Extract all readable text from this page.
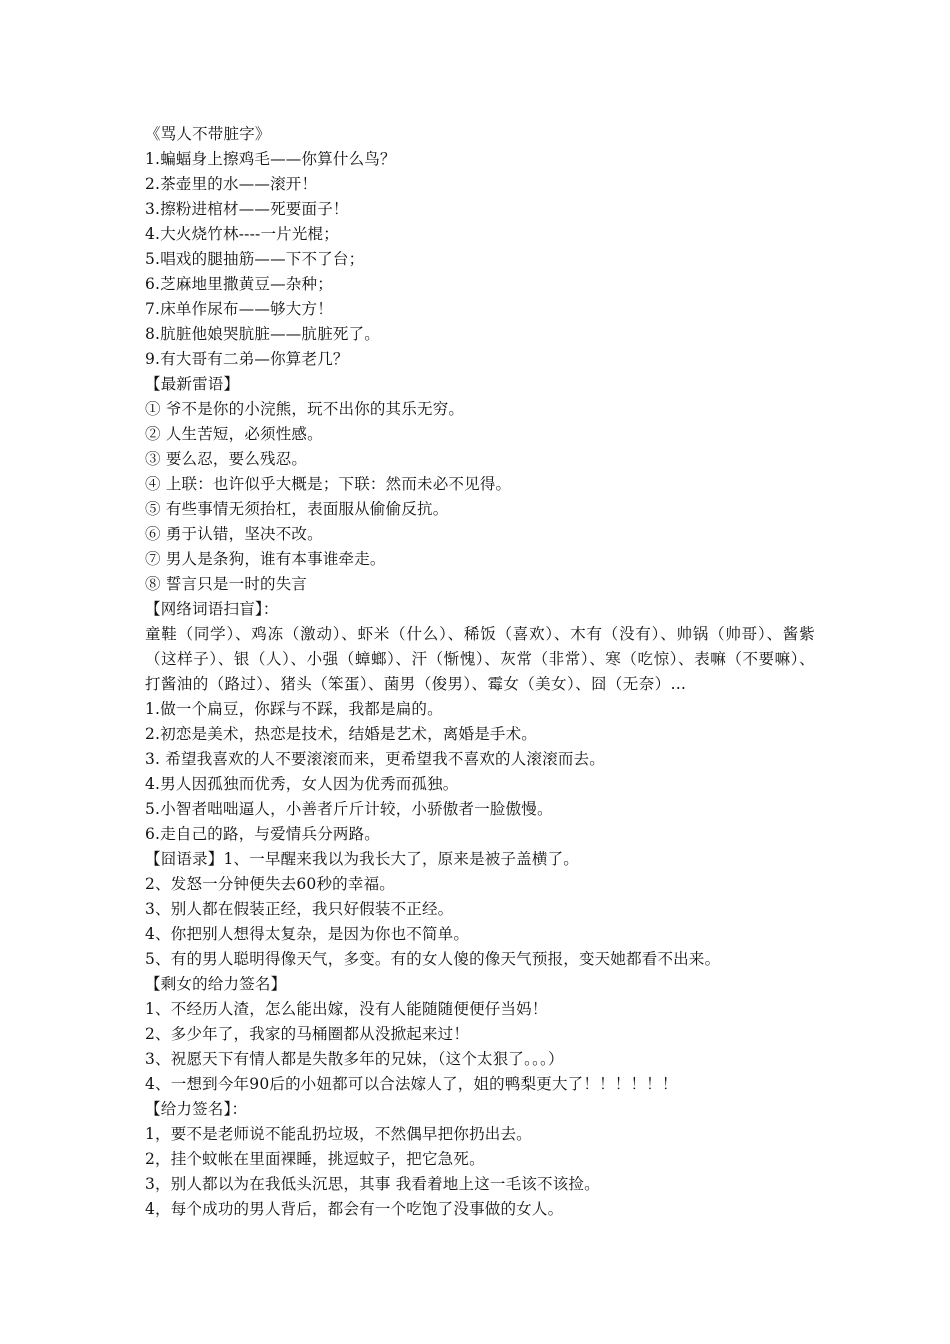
《骂人不带脏字》
1.蝙蝠身上擦鸡毛——你算什么鸟？
2.茶壶里的水——滚开！
3.擦粉进棺材——死要面子！
4.大火烧竹林----一片光棍；
5.唱戏的腿抽筋——下不了台；
6.芝麻地里撒黄豆—杂种；
7.床单作尿布——够大方！
8.肮脏他娘哭肮脏——肮脏死了。
9.有大哥有二弟—你算老几？
【最新雷语】
① 爷不是你的小浣熊，玩不出你的其乐无穷。
② 人生苦短，必须性感。
③ 要么忍，要么残忍。
④ 上联：也许似乎大概是；下联：然而未必不见得。
⑤ 有些事情无须抬杠，表面服从偷偷反抗。
⑥ 勇于认错，坚决不改。
⑦ 男人是条狗，谁有本事谁牵走。
⑧ 誓言只是一时的失言
【网络词语扫盲】：
童鞋（同学）、鸡冻（激动）、虾米（什么）、稀饭（喜欢）、木有（没有）、帅锅（帅哥）、酱紫（这样子）、银（人）、小强（蟑螂）、汗（惭愧）、灰常（非常）、寒（吃惊）、表嘛（不要嘛）、打酱油的（路过）、猪头（笨蛋）、菌男（俊男）、霉女（美女）、囧（无奈）…
1.做一个扁豆，你踩与不踩，我都是扁的。
2.初恋是美术，热恋是技术，结婚是艺术，离婚是手术。
3. 希望我喜欢的人不要滚滚而来，更希望我不喜欢的人滚滚而去。
4.男人因孤独而优秀，女人因为优秀而孤独。
5.小智者咄咄逼人，小善者斤斤计较，小骄傲者一脸傲慢。
6.走自己的路，与爱情兵分两路。
【囧语录】1、一早醒来我以为我长大了，原来是被子盖横了。
2、发怒一分钟便失去60秒的幸福。
3、别人都在假装正经，我只好假装不正经。
4、你把别人想得太复杂，是因为你也不简单。
5、有的男人聪明得像天气，多变。有的女人傻的像天气预报，变天她都看不出来。
【剩女的给力签名】
1、不经历人渣，怎么能出嫁，没有人能随随便便仔当妈！
2、多少年了，我家的马桶圈都从没掀起来过！
3、祝愿天下有情人都是失散多年的兄妹，（这个太狠了。。。）
4、一想到今年90后的小妞都可以合法嫁人了，姐的鸭梨更大了！！！！！！
【给力签名】：
1，要不是老师说不能乱扔垃圾，不然偶早把你扔出去。
2，挂个蚊帐在里面裸睡，挑逗蚊子，把它急死。
3，别人都以为在我低头沉思，其事 我看着地上这一毛该不该捡。
4，每个成功的男人背后，都会有一个吃饱了没事做的女人。
